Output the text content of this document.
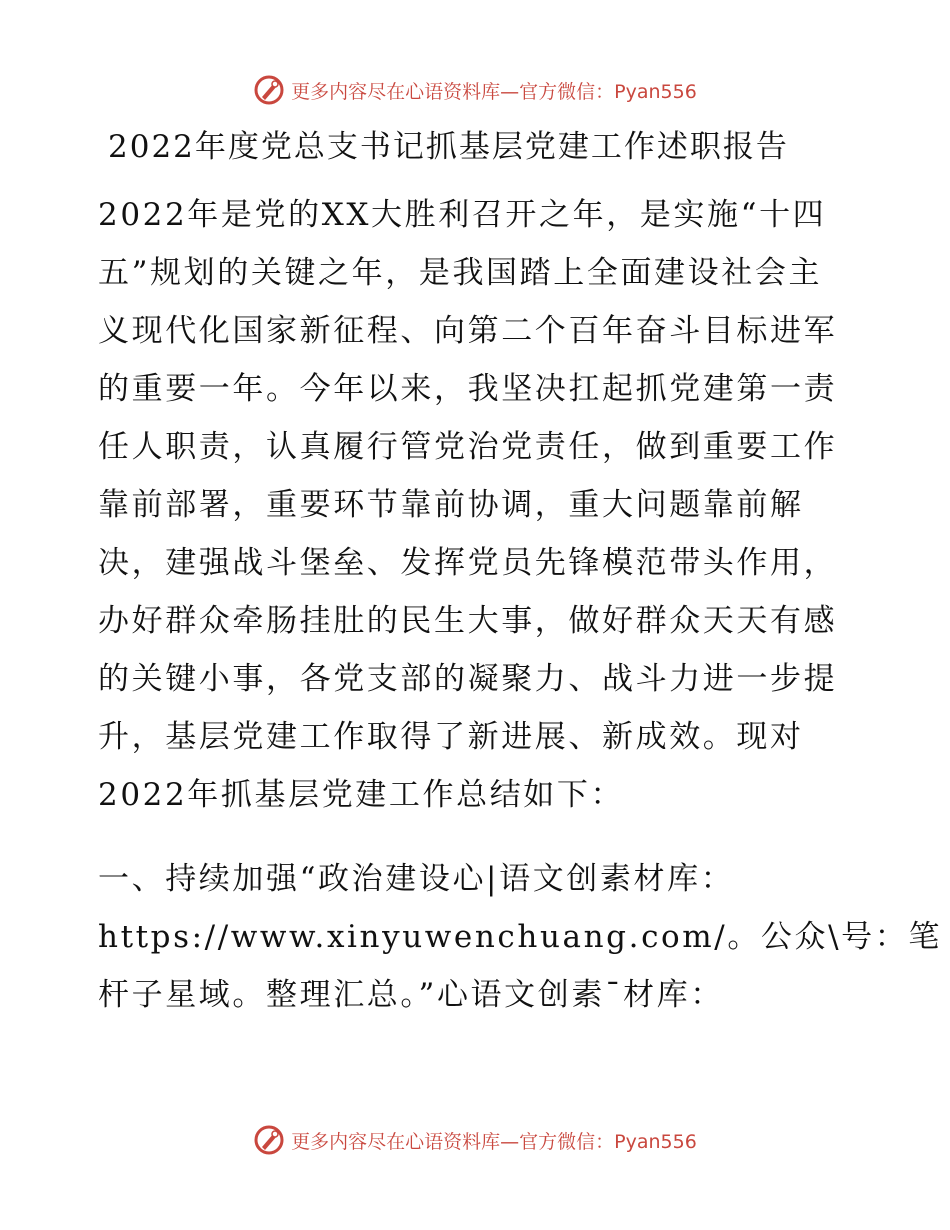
更多内容尽在心语资料库—官方微信：Pyan556
2022年度党总支书记抓基层党建工作述职报告
2022年是党的XX大胜利召开之年，是实施“十四
五”规划的关键之年，是我国踏上全面建设社会主
义现代化国家新征程、向第二个百年奋斗目标进军
的重要一年。今年以来，我坚决扛起抓党建第一责
任人职责，认真履行管党治党责任，做到重要工作
靠前部署，重要环节靠前协调，重大问题靠前解
决，建强战斗堡垒、发挥党员先锋模范带头作用，
办好群众牵肠挂肚的民生大事，做好群众天天有感
的关键小事，各党支部的凝聚力、战斗力进一步提
升，基层党建工作取得了新进展、新成效。现对
2022年抓基层党建工作总结如下：
一、持续加强“政治建设心|语文创素材库：
https://www.xinyuwenchuang.com/。公众\号：笔
杆子星域。整理汇总。”心语文创素¯材库：
更多内容尽在心语资料库—官方微信：Pyan556
